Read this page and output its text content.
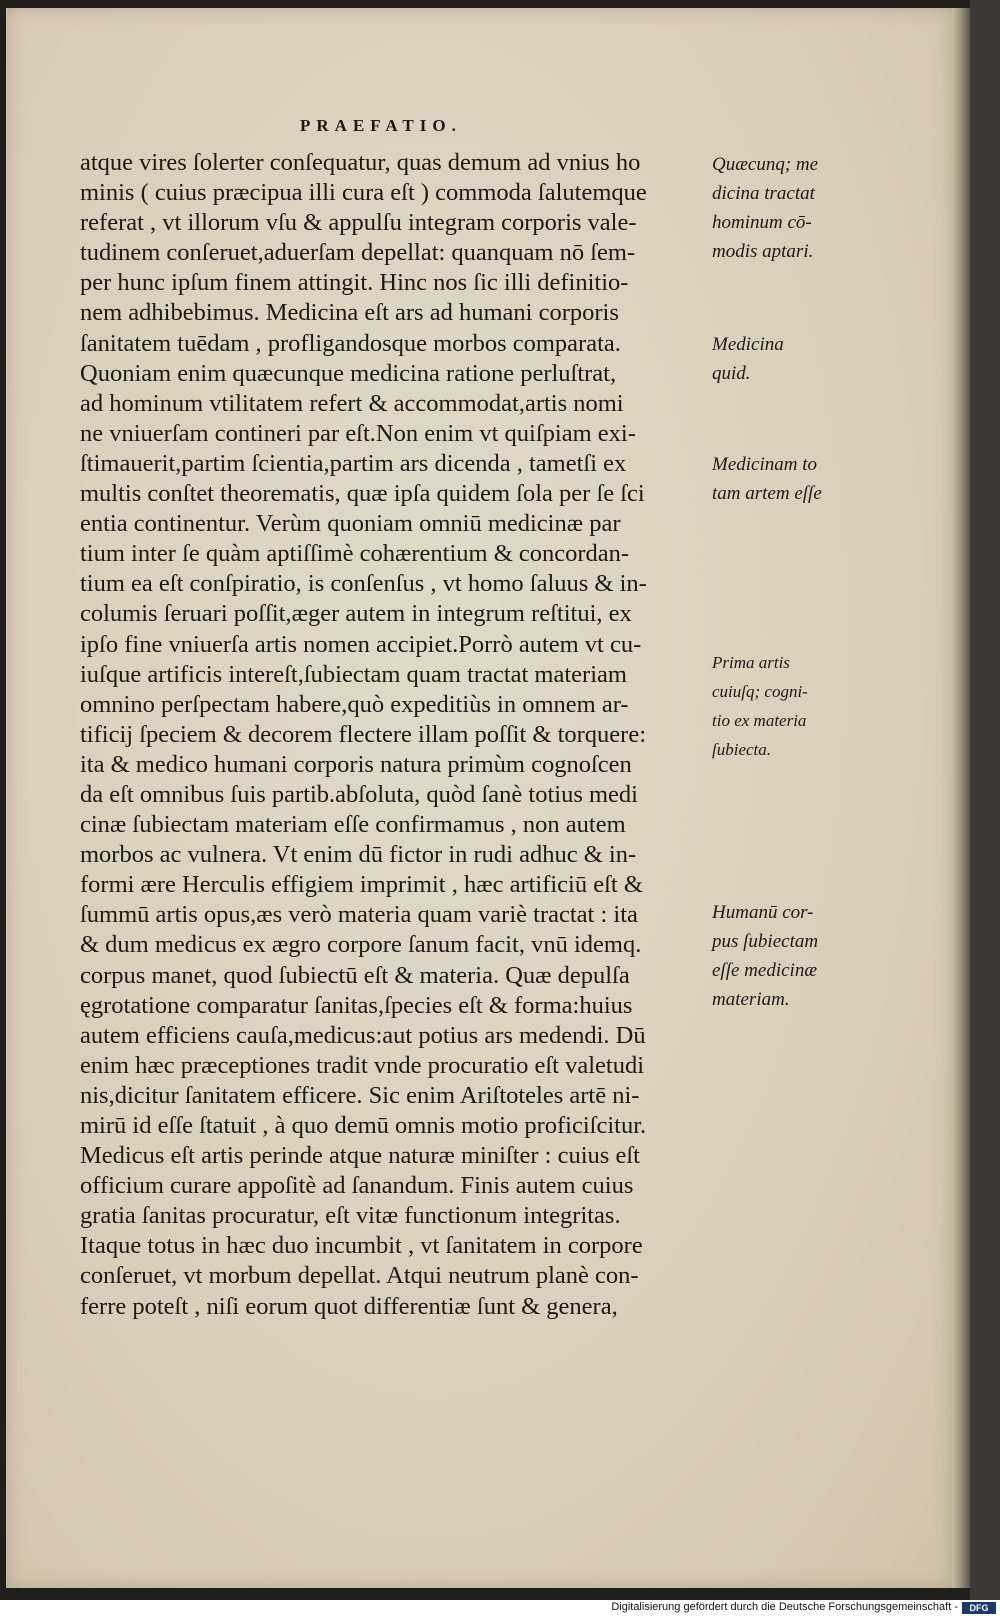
PRAEFATIO.
atque vires ſolerter conſequatur, quas demum ad vnius ho
minis ( cuius præcipua illi cura eſt ) commoda ſalutemque
referat , vt illorum vſu & appulſu integram corporis vale-
tudinem conſeruet,aduerſam depellat: quanquam nō ſem-
per hunc ipſum finem attingit. Hinc nos ſic illi definitio-
nem adhibebimus. Medicina eſt ars ad humani corporis
ſanitatem tuēdam , profligandosque morbos comparata.
Quoniam enim quæcunque medicina ratione perluſtrat,
ad hominum vtilitatem refert & accommodat,artis nomi
ne vniuerſam contineri par eſt.Non enim vt quiſpiam exi-
ſtimauerit,partim ſcientia,partim ars dicenda , tametſi ex
multis conſtet theorematis, quæ ipſa quidem ſola per ſe ſci
entia continentur. Verùm quoniam omniū medicinæ par
tium inter ſe quàm aptiſſimè cohærentium & concordan-
tium ea eſt conſpiratio, is conſenſus , vt homo ſaluus & in-
columis ſeruari poſſit,æger autem in integrum reſtitui, ex
ipſo fine vniuerſa artis nomen accipiet.Porrò autem vt cu-
iuſque artificis intereſt,ſubiectam quam tractat materiam
omnino perſpectam habere,quò expeditiùs in omnem ar-
tificij ſpeciem & decorem flectere illam poſſit & torquere:
ita & medico humani corporis natura primùm cognoſcen
da eſt omnibus ſuis partib.abſoluta, quòd ſanè totius medi
cinæ ſubiectam materiam eſſe confirmamus , non autem
morbos ac vulnera. Vt enim dū fictor in rudi adhuc & in-
formi ære Herculis effigiem imprimit , hæc artificiū eſt &
ſummū artis opus,æs verò materia quam variè tractat : ita
& dum medicus ex ægro corpore ſanum facit, vnū idemq.
corpus manet, quod ſubiectū eſt & materia. Quæ depulſa
ęgrotatione comparatur ſanitas,ſpecies eſt & forma:huius
autem efficiens cauſa,medicus:aut potius ars medendi. Dū
enim hæc præceptiones tradit vnde procuratio eſt valetudi
nis,dicitur ſanitatem efficere. Sic enim Ariſtoteles artē ni-
mirū id eſſe ſtatuit , à quo demū omnis motio proficiſcitur.
Medicus eſt artis perinde atque naturæ miniſter : cuius eſt
officium curare appoſitè ad ſanandum. Finis autem cuius
gratia ſanitas procuratur, eſt vitæ functionum integritas.
Itaque totus in hæc duo incumbit , vt ſanitatem in corpore
conſeruet, vt morbum depellat. Atqui neutrum planè con-
ferre poteſt , niſi eorum quot differentiæ ſunt & genera,
Quæcunq; me
dicina tractat
hominum cō-
modis aptari.
Medicina
quid.
Medicinam to
tam artem eſſe
Prima artis
cuiuſq; cogni-
tio ex materia
ſubiecta.
Humanū cor-
pus ſubiectam
eſſe medicinæ
materiam.
Digitalisierung gefördert durch die Deutsche Forschungsgemeinschaft -	DFG
